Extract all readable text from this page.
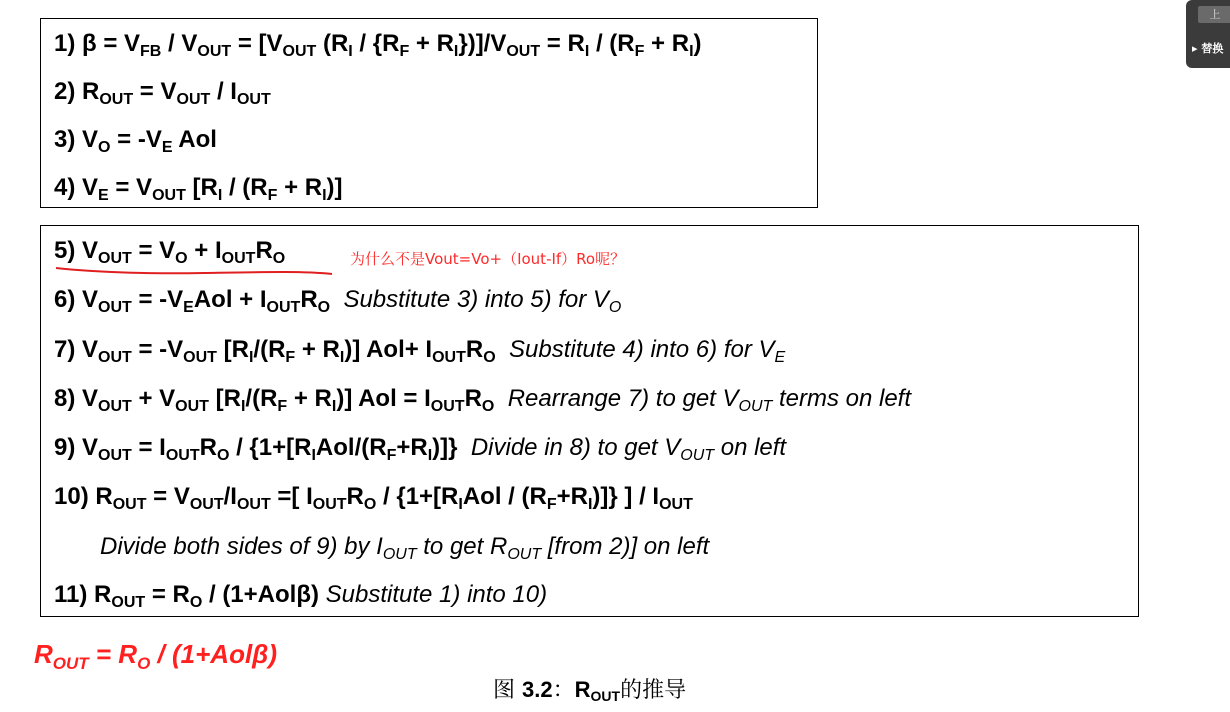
1) $\beta = V_{FB} / V_{OUT} = [V_{OUT}$ $(R_I / \{R_F + R_I\})]/V_{OUT} = R_I / (R_F + R_I)$
2) $R_{OUT} = V_{OUT} / I_{OUT}$
3) $V_O = -V_E$ Aol
4) $V_E = V_{OUT}$ $[R_I / (R_F + R_I)]$
5) $V_{OUT} = V_O + I_{OUT}R_O$	为什么不是Vout=Vo+（Iout-If）Ro呢？
6) $V_{OUT} = -V_EAol + I_{OUT}R_O$ Substitute 3) into 5) for $V_O$
7) $V_{OUT} = -V_{OUT}$ $[R_I/(R_F + R_I)]$ $Aol+ I_{OUT}R_O$ Substitute 4) into 6) for $V_E$
8) $V_{OUT} + V_{OUT}$ $[R_I/(R_F + R_I)]$ Aol = $I_{OUT}R_O$ Rearrange 7) to get $V_{OUT}$ terms on left
9) $V_{OUT} = I_{OUT}R_O / \{1+[R_IAol/(R_F+R_I)]\}$ Divide in 8) to get $V_{OUT}$ on left
10) $R_{OUT} = V_{OUT}/I_{OUT}$ =[ $I_{OUT}R_O / \{1+[R_IAol / (R_F+R_I)]\}$ ] / $I_{OUT}$
Divide both sides of 9) by $I_{OUT}$ to get $R_{OUT}$ [from 2)] on left
11) $R_{OUT} = R_O / (1+Aol\beta)$ Substitute 1) into 10)
$R_{OUT} = R_O / (1+Aol\beta)$
图 3.2：$R_{OUT}$的推导
上
▸ 替换
